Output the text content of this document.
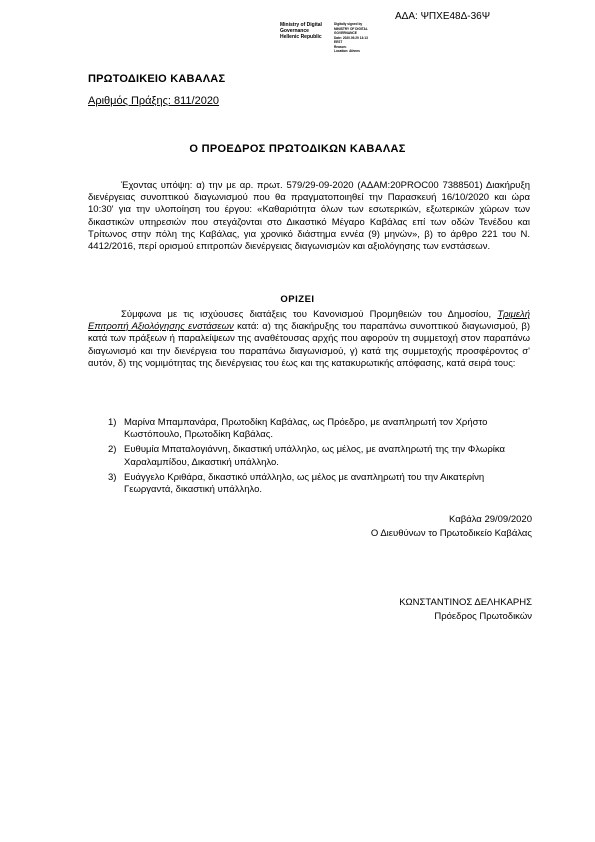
ΑΔΑ: ΨΠΧΕ48Δ-36Ψ
Ministry of Digital
Governance
Hellenic Republic
Digitally signed by
MINISTRY OF DIGITAL
GOVERNANCE
Date: 2020.09.29 13:13
EEST
Reason:
Location: Athens
ΠΡΩΤΟΔΙΚΕΙΟ ΚΑΒΑΛΑΣ
Αριθμός Πράξης: 811/2020
Ο ΠΡΟΕΔΡΟΣ ΠΡΩΤΟΔΙΚΩΝ ΚΑΒΑΛΑΣ
Έχοντας υπόψη: α) την με αρ. πρωτ. 579/29-09-2020 (ΑΔΑΜ:20PROC00 7388501) Διακήρυξη διενέργειας συνοπτικού διαγωνισμού που θα πραγματοποιηθεί την Παρασκευή 16/10/2020 και ώρα 10:30' για την υλοποίηση του έργου: «Καθαριότητα όλων των εσωτερικών, εξωτερικών χώρων των δικαστικών υπηρεσιών που στεγάζονται στο Δικαστικό Μέγαρο Καβάλας επί των οδών Τενέδου και Τρίτωνος στην πόλη της Καβάλας, για χρονικό διάστημα εννέα (9) μηνών», β) το άρθρο 221 του Ν. 4412/2016, περί ορισμού επιτροπών διενέργειας διαγωνισμών και αξιολόγησης των ενστάσεων.
ΟΡΙΖΕΙ
Σύμφωνα με τις ισχύουσες διατάξεις του Κανονισμού Προμηθειών του Δημοσίου, Τριμελή Επιτροπή Αξιολόγησης ενστάσεων κατά: α) της διακήρυξης του παραπάνω συνοπτικού διαγωνισμού, β) κατά των πράξεων ή παραλείψεων της αναθέτουσας αρχής που αφορούν τη συμμετοχή στον παραπάνω διαγωνισμό και την διενέργεια του παραπάνω διαγωνισμού, γ) κατά της συμμετοχής προσφέροντος σ' αυτόν, δ) της νομιμότητας της διενέργειας του έως και της κατακυρωτικής απόφασης, κατά σειρά τους:
1) Μαρίνα Μπαμπανάρα, Πρωτοδίκη Καβάλας, ως Πρόεδρο, με αναπληρωτή τον Χρήστο Κωστόπουλο, Πρωτοδίκη Καβάλας.
2) Ευθυμία Μπαταλογιάννη, δικαστική υπάλληλο, ως μέλος, με αναπληρωτή της την Φλωρίκα Χαραλαμπίδου, Δικαστική υπάλληλο.
3) Ευάγγελο Κριθάρα, δικαστικό υπάλληλο, ως μέλος με αναπληρωτή του την Αικατερίνη Γεωργαντά, δικαστική υπάλληλο.
Καβάλα 29/09/2020
Ο Διευθύνων το Πρωτοδικείο Καβάλας
ΚΩΝΣΤΑΝΤΙΝΟΣ ΔΕΛΗΚΑΡΗΣ
Πρόεδρος Πρωτοδικών
